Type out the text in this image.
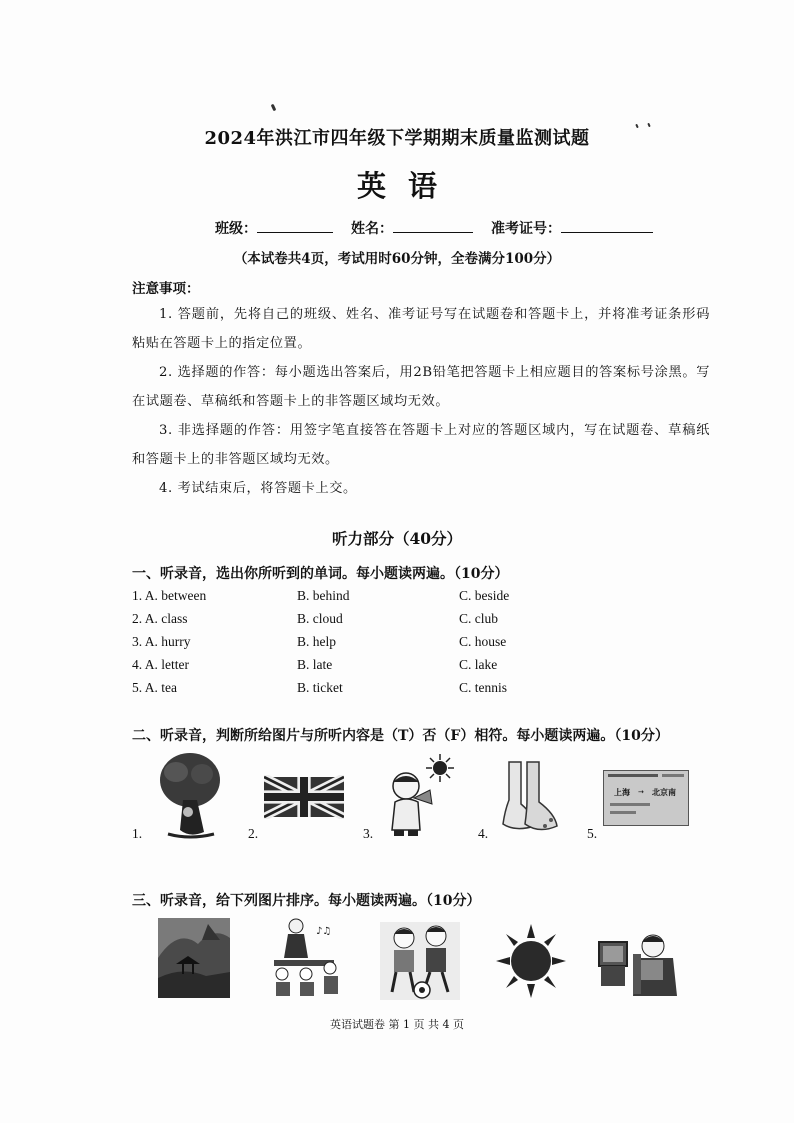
2024年洪江市四年级下学期期末质量监测试题
英语
班级：	姓名：	准考证号：
（本试卷共4页，考试用时60分钟，全卷满分100分）
注意事项：
1. 答题前，先将自己的班级、姓名、准考证号写在试题卷和答题卡上，并将准考证条形码粘贴在答题卡上的指定位置。
2. 选择题的作答：每小题选出答案后，用2B铅笔把答题卡上相应题目的答案标号涂黑。写在试题卷、草稿纸和答题卡上的非答题区域均无效。
3. 非选择题的作答：用签字笔直接答在答题卡上对应的答题区域内，写在试题卷、草稿纸和答题卡上的非答题区域均无效。
4. 考试结束后，将答题卡上交。
听力部分（40分）
一、听录音，选出你所听到的单词。每小题读两遍。（10分）
1. A. between	B. behind	C. beside
2. A. class	B. cloud	C. club
3. A. hurry	B. help	C. house
4. A. letter	B. late	C. lake
5. A. tea	B. ticket	C. tennis
二、听录音，判断所给图片与所听内容是（T）否（F）相符。每小题读两遍。（10分）
1.	2.	3.	4.	5.
上海 → 北京南
三、听录音，给下列图片排序。每小题读两遍。（10分）
♪♫
英语试题卷 第 1 页 共 4 页
